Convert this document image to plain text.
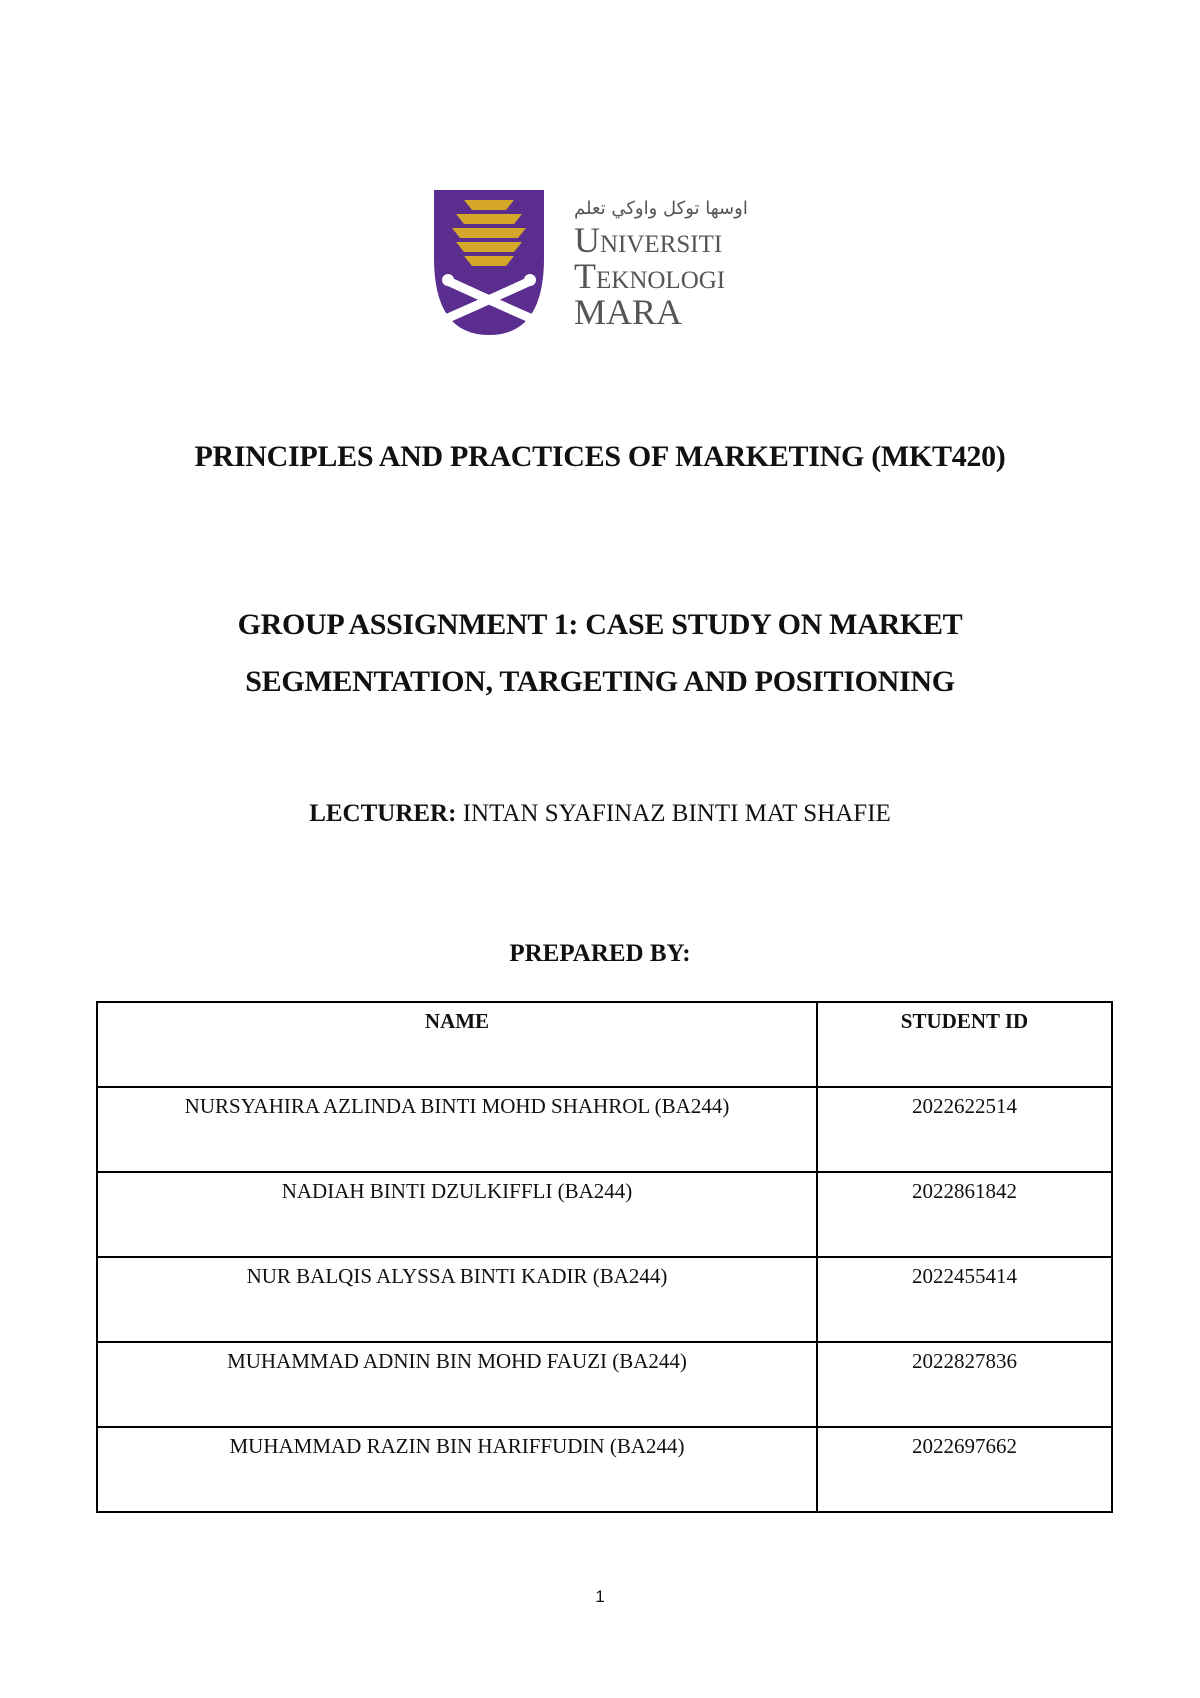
اوسها توكل واوكي تعلم
Universiti
Teknologi
MARA
PRINCIPLES AND PRACTICES OF MARKETING (MKT420)
GROUP ASSIGNMENT 1: CASE STUDY ON MARKET
SEGMENTATION, TARGETING AND POSITIONING
LECTURER: INTAN SYAFINAZ BINTI MAT SHAFIE
PREPARED BY:
NAME	STUDENT ID
NURSYAHIRA AZLINDA BINTI MOHD SHAHROL (BA244)	2022622514
NADIAH BINTI DZULKIFFLI (BA244)	2022861842
NUR BALQIS ALYSSA BINTI KADIR (BA244)	2022455414
MUHAMMAD ADNIN BIN MOHD FAUZI (BA244)	2022827836
MUHAMMAD RAZIN BIN HARIFFUDIN (BA244)	2022697662
1
